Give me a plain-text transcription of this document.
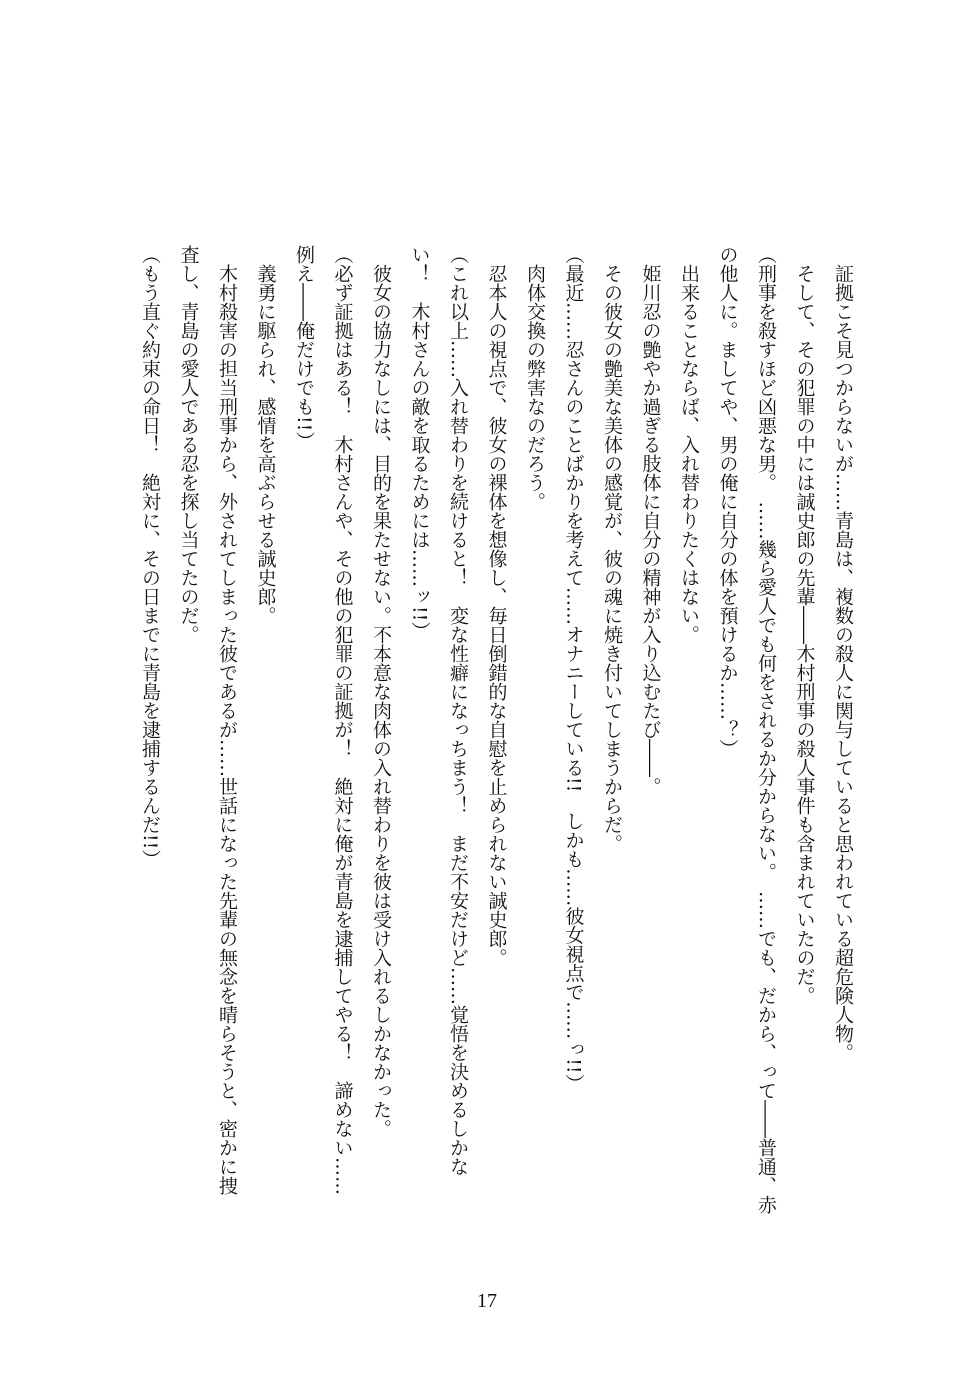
　証拠こそ見つからないが……青島は、複数の殺人に関与していると思われている超危険人物。
　そして、その犯罪の中には誠史郎の先輩――木村刑事の殺人事件も含まれていたのだ。
（刑事を殺すほど凶悪な男。　……幾ら愛人でも何をされるか分からない。　……でも、だから、って――普通、赤
の他人に。ましてや、男の俺に自分の体を預けるか……？）
　出来ることならば、入れ替わりたくはない。
　姫川忍の艶やか過ぎる肢体に自分の精神が入り込むたび――。
　その彼女の艶美な美体の感覚が、彼の魂に焼き付いてしまうからだ。
（最近……忍さんのことばかりを考えて……オナニーしている!!　しかも……彼女視点で……っ!!）
　肉体交換の弊害なのだろう。
　忍本人の視点で、彼女の裸体を想像し、毎日倒錯的な自慰を止められない誠史郎。
（これ以上……入れ替わりを続けると！　変な性癖になっちまう！　まだ不安だけど……覚悟を決めるしかな
い！　木村さんの敵を取るためには……ッ!!）
　彼女の協力なしには、目的を果たせない。不本意な肉体の入れ替わりを彼は受け入れるしかなかった。
（必ず証拠はある！　木村さんや、その他の犯罪の証拠が！　絶対に俺が青島を逮捕してやる！　諦めない……
例え――俺だけでも!!）
　義勇に駆られ、感情を高ぶらせる誠史郎。
　木村殺害の担当刑事から、外されてしまった彼であるが……世話になった先輩の無念を晴らそうと、密かに捜
査し、青島の愛人である忍を探し当てたのだ。
（もう直ぐ約束の命日！　絶対に、その日までに青島を逮捕するんだ!!）
17
